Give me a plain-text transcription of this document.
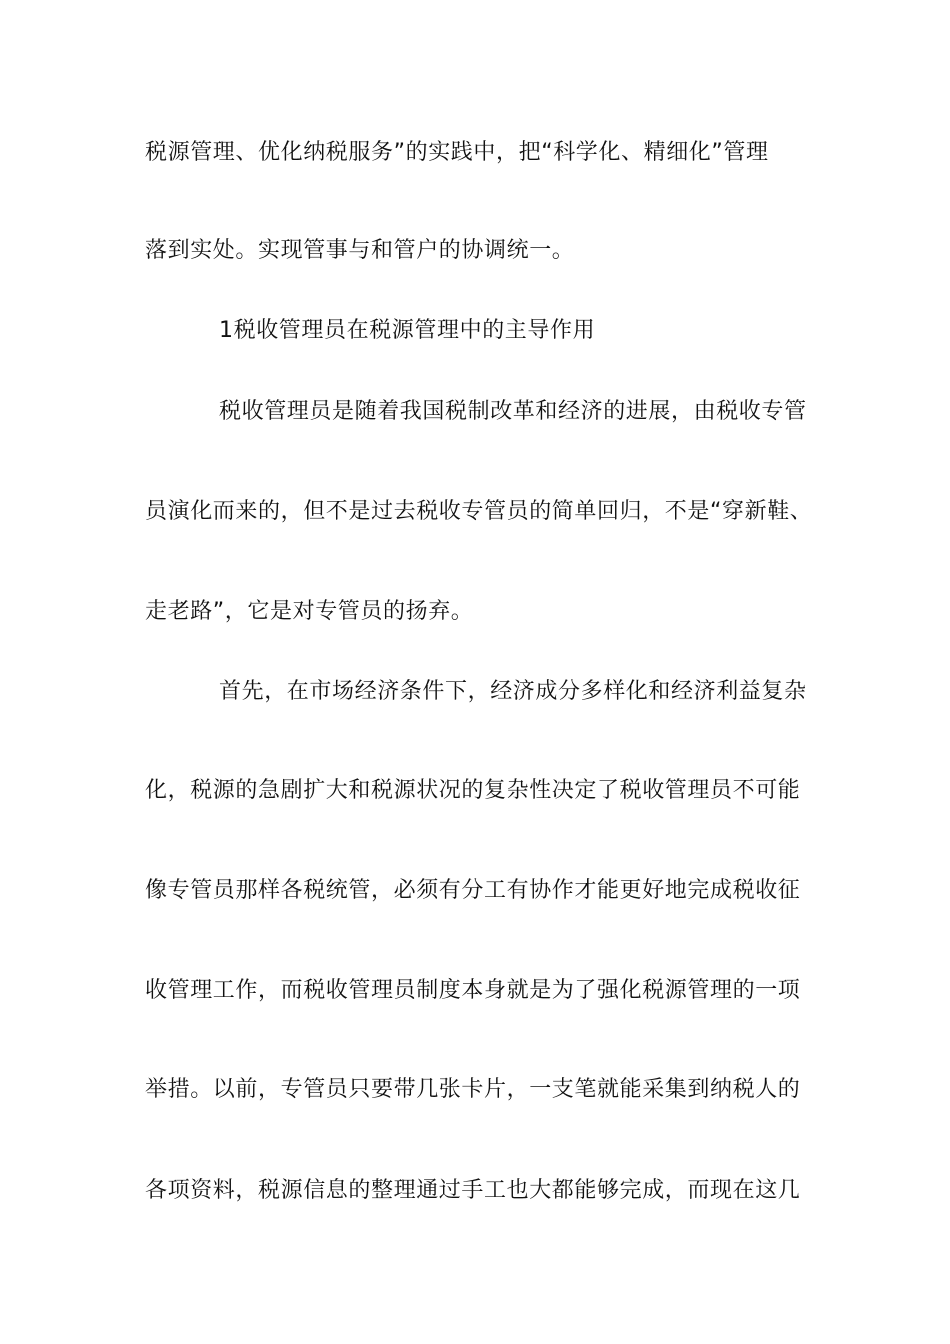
税源管理、优化纳税服务”的实践中，把“科学化、精细化”管理
落到实处。实现管事与和管户的协调统一。
1税收管理员在税源管理中的主导作用
税收管理员是随着我国税制改革和经济的进展，由税收专管
员演化而来的，但不是过去税收专管员的简单回归，不是“穿新鞋、
走老路”，它是对专管员的扬弃。
首先，在市场经济条件下，经济成分多样化和经济利益复杂
化，税源的急剧扩大和税源状况的复杂性决定了税收管理员不可能
像专管员那样各税统管，必须有分工有协作才能更好地完成税收征
收管理工作，而税收管理员制度本身就是为了强化税源管理的一项
举措。以前，专管员只要带几张卡片，一支笔就能采集到纳税人的
各项资料，税源信息的整理通过手工也大都能够完成，而现在这几
